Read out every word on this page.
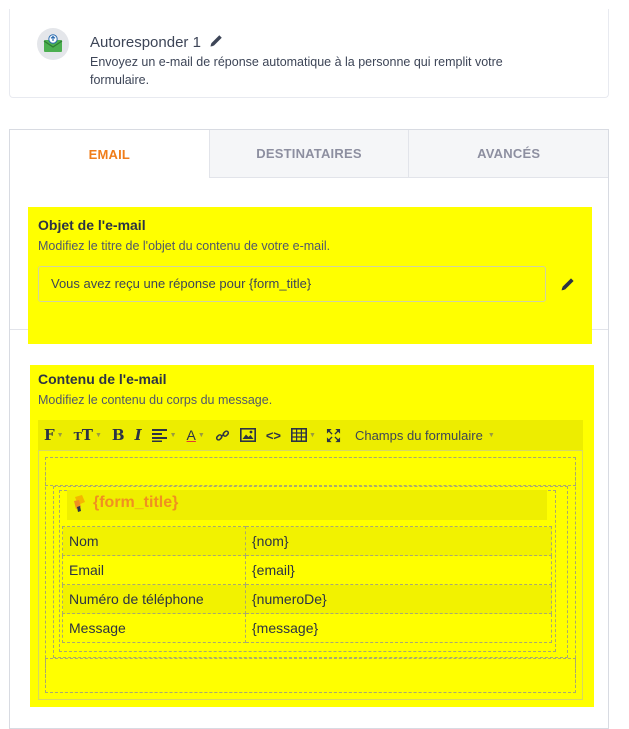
Autoresponder 1
Envoyez un e-mail de réponse automatique à la personne qui remplit votre formulaire.
EMAIL	DESTINATAIRES	AVANCÉS
Objet de l'e-mail
Modifiez le titre de l'objet du contenu de votre e-mail.
Vous avez reçu une réponse pour {form_title}
Contenu de l'e-mail
Modifiez le contenu du corps du message.
F ▼ TT ▼ B I	▼ A ▼	<>	▼	Champs du formulaire ▼
{form_title}
Nom	{nom}
Email	{email}
Numéro de téléphone	{numeroDe}
Message	{message}
